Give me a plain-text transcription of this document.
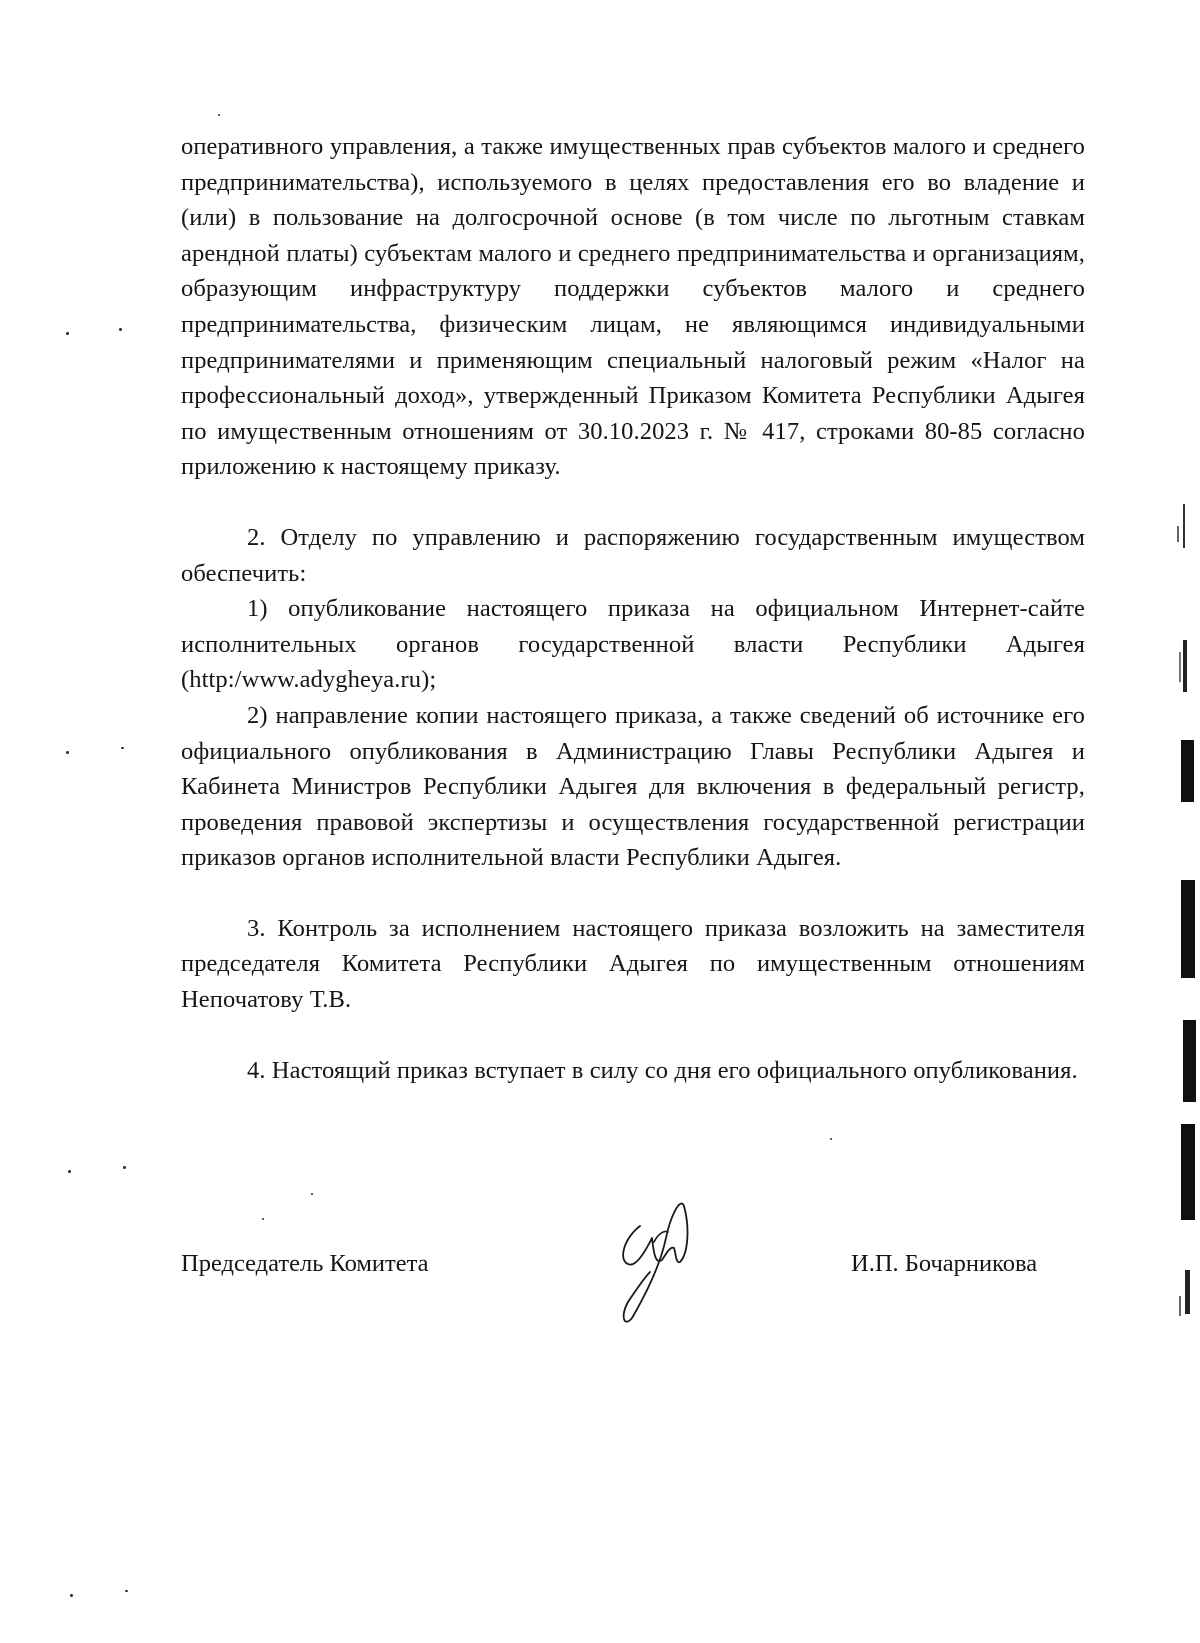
оперативного управления, а также имущественных прав субъектов малого и среднего предпринимательства), используемого в целях предоставления его во владение и (или) в пользование на долгосрочной основе (в том числе по льготным ставкам арендной платы) субъектам малого и среднего предпринимательства и организациям, образующим инфраструктуру поддержки субъектов малого и среднего предпринимательства, физическим лицам, не являющимся индивидуальными предпринимателями и применяющим специальный налоговый режим «Налог на профессиональный доход», утвержденный Приказом Комитета Республики Адыгея по имущественным отношениям от 30.10.2023 г. № 417, строками 80-85 согласно приложению к настоящему приказу.

2. Отделу по управлению и распоряжению государственным имуществом обеспечить:

1) опубликование настоящего приказа на официальном Интернет-сайте исполнительных органов государственной власти Республики Адыгея (http:/www.adygheya.ru);

2) направление копии настоящего приказа, а также сведений об источнике его официального опубликования в Администрацию Главы Республики Адыгея и Кабинета Министров Республики Адыгея для включения в федеральный регистр, проведения правовой экспертизы и осуществления государственной регистрации приказов органов исполнительной власти Республики Адыгея.

3. Контроль за исполнением настоящего приказа возложить на заместителя председателя Комитета Республики Адыгея по имущественным отношениям Непочатову Т.В.

4. Настоящий приказ вступает в силу со дня его официального опубликования.

Председатель Комитета	И.П. Бочарникова
